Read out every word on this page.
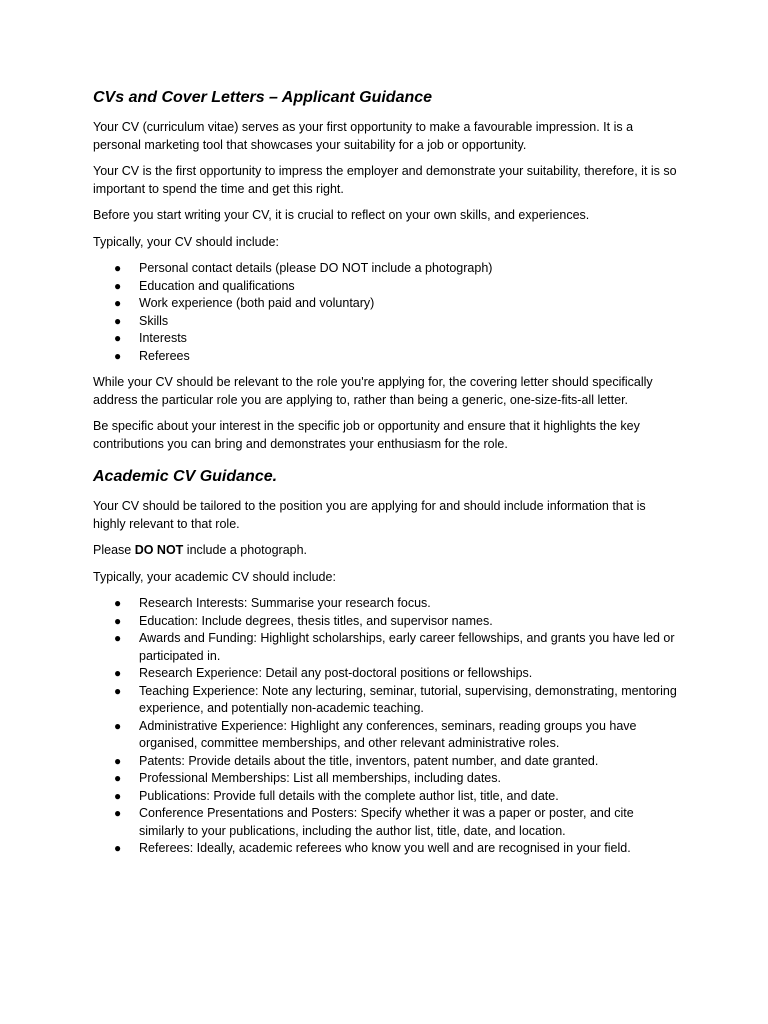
CVs and Cover Letters – Applicant Guidance

Your CV (curriculum vitae) serves as your first opportunity to make a favourable impression. It is a personal marketing tool that showcases your suitability for a job or opportunity.

Your CV is the first opportunity to impress the employer and demonstrate your suitability, therefore, it is so important to spend the time and get this right.

Before you start writing your CV, it is crucial to reflect on your own skills, and experiences.

Typically, your CV should include:

● Personal contact details (please DO NOT include a photograph)
● Education and qualifications
● Work experience (both paid and voluntary)
● Skills
● Interests
● Referees

While your CV should be relevant to the role you're applying for, the covering letter should specifically address the particular role you are applying to, rather than being a generic, one-size-fits-all letter.

Be specific about your interest in the specific job or opportunity and ensure that it highlights the key contributions you can bring and demonstrates your enthusiasm for the role.

Academic CV Guidance.

Your CV should be tailored to the position you are applying for and should include information that is highly relevant to that role.

Please DO NOT include a photograph.

Typically, your academic CV should include:

● Research Interests: Summarise your research focus.
● Education: Include degrees, thesis titles, and supervisor names.
● Awards and Funding: Highlight scholarships, early career fellowships, and grants you have led or participated in.
● Research Experience: Detail any post-doctoral positions or fellowships.
● Teaching Experience: Note any lecturing, seminar, tutorial, supervising, demonstrating, mentoring experience, and potentially non-academic teaching.
● Administrative Experience: Highlight any conferences, seminars, reading groups you have organised, committee memberships, and other relevant administrative roles.
● Patents: Provide details about the title, inventors, patent number, and date granted.
● Professional Memberships: List all memberships, including dates.
● Publications: Provide full details with the complete author list, title, and date.
● Conference Presentations and Posters: Specify whether it was a paper or poster, and cite similarly to your publications, including the author list, title, date, and location.
● Referees: Ideally, academic referees who know you well and are recognised in your field.
